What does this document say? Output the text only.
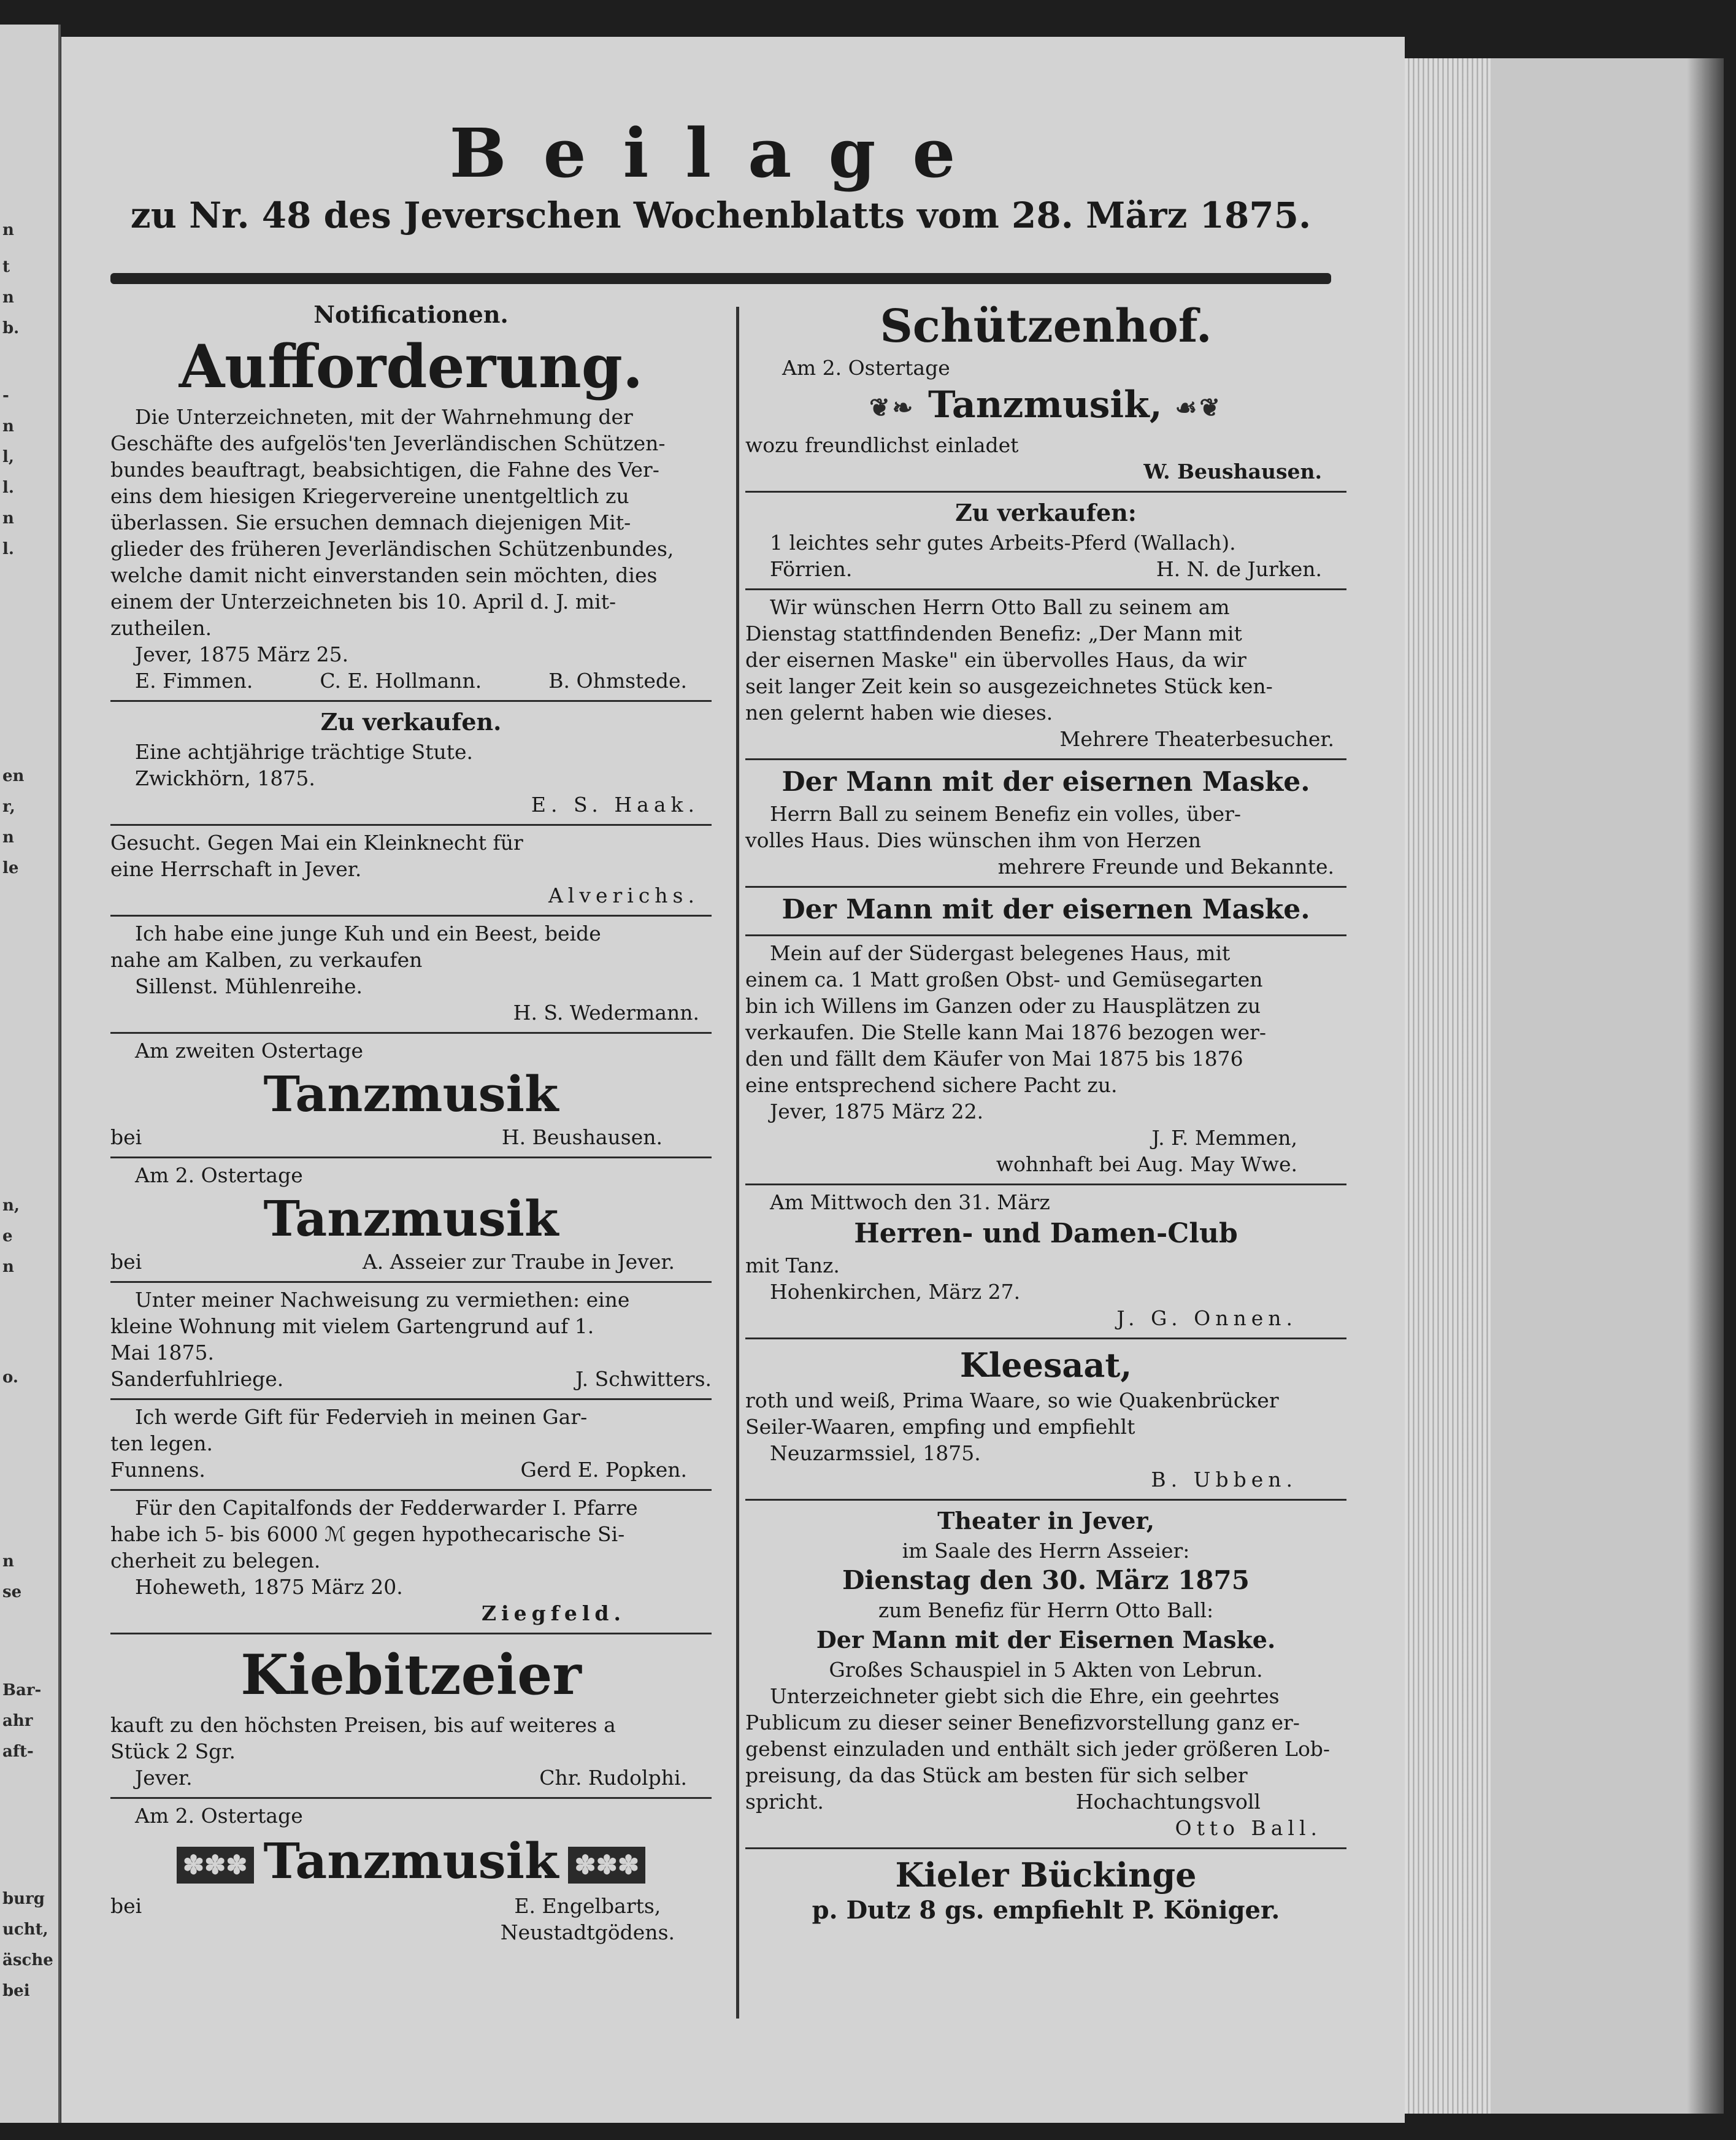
n
t
n
b.
-
n
l,
l.
n
l.
en
r,
n
le
n,
e
n
o.
n
se
Bar-
ahr
aft-
burg
ucht,
äsche
bei
Beilage
zu Nr. 48 des Jeverschen Wochenblatts vom 28. März 1875.

Notificationen.

Aufforderung.

Die Unterzeichneten, mit der Wahrnehmung der

Geschäfte des aufgelös'ten Jeverländischen Schützen-

bundes beauftragt, beabsichtigen, die Fahne des Ver-

eins dem hiesigen Kriegervereine unentgeltlich zu

überlassen. Sie ersuchen demnach diejenigen Mit-

glieder des früheren Jeverländischen Schützenbundes,

welche damit nicht einverstanden sein möchten, dies

einem der Unterzeichneten bis 10. April d. J. mit-

zutheilen.

Jever, 1875 März 25.

E. Fimmen.	C. E. Hollmann.	B. Ohmstede.

Zu verkaufen.

Eine achtjährige trächtige Stute.

Zwickhörn, 1875.

E. S. Haak.

Gesucht. Gegen Mai ein Kleinknecht für

eine Herrschaft in Jever.

Alverichs.

Ich habe eine junge Kuh und ein Beest, beide

nahe am Kalben, zu verkaufen

Sillenst. Mühlenreihe.

H. S. Wedermann.

Am zweiten Ostertage

Tanzmusik

bei	H. Beushausen.

Am 2. Ostertage

Tanzmusik

bei	A. Asseier zur Traube in Jever.

Unter meiner Nachweisung zu vermiethen: eine

kleine Wohnung mit vielem Gartengrund auf 1.

Mai 1875.

Sanderfuhlriege.	J. Schwitters.

Ich werde Gift für Federvieh in meinen Gar-

ten legen.

Funnens.	Gerd E. Popken.

Für den Capitalfonds der Fedderwarder I. Pfarre

habe ich 5- bis 6000 ℳ gegen hypothecarische Si-

cherheit zu belegen.

Hoheweth, 1875 März 20.

Ziegfeld.

Kiebitzeier

kauft zu den höchsten Preisen, bis auf weiteres a

Stück 2 Sgr.

Jever.	Chr. Rudolphi.

Am 2. Ostertage

✽✽✽ Tanzmusik ✽✽✽

bei	E. Engelbarts,
Neustadtgödens.

Schützenhof.

Am 2. Ostertage

❦❧ Tanzmusik, ☙❦

wozu freundlichst einladet

W. Beushausen.

Zu verkaufen:

1 leichtes sehr gutes Arbeits-Pferd (Wallach).

Förrien.	H. N. de Jurken.

Wir wünschen Herrn Otto Ball zu seinem am

Dienstag stattfindenden Benefiz: „Der Mann mit

der eisernen Maske" ein übervolles Haus, da wir

seit langer Zeit kein so ausgezeichnetes Stück ken-

nen gelernt haben wie dieses.

Mehrere Theaterbesucher.

Der Mann mit der eisernen Maske.

Herrn Ball zu seinem Benefiz ein volles, über-

volles Haus. Dies wünschen ihm von Herzen

mehrere Freunde und Bekannte.

Der Mann mit der eisernen Maske.

Mein auf der Südergast belegenes Haus, mit

einem ca. 1 Matt großen Obst- und Gemüsegarten

bin ich Willens im Ganzen oder zu Hausplätzen zu

verkaufen. Die Stelle kann Mai 1876 bezogen wer-

den und fällt dem Käufer von Mai 1875 bis 1876

eine entsprechend sichere Pacht zu.

Jever, 1875 März 22.

J. F. Memmen,

wohnhaft bei Aug. May Wwe.

Am Mittwoch den 31. März

Herren- und Damen-Club

mit Tanz.

Hohenkirchen, März 27.

J. G. Onnen.

Kleesaat,

roth und weiß, Prima Waare, so wie Quakenbrücker

Seiler-Waaren, empfing und empfiehlt

Neuzarmssiel, 1875.

B. Ubben.

Theater in Jever,

im Saale des Herrn Asseier:

Dienstag den 30. März 1875

zum Benefiz für Herrn Otto Ball:

Der Mann mit der Eisernen Maske.

Großes Schauspiel in 5 Akten von Lebrun.

Unterzeichneter giebt sich die Ehre, ein geehrtes

Publicum zu dieser seiner Benefizvorstellung ganz er-

gebenst einzuladen und enthält sich jeder größeren Lob-

preisung, da das Stück am besten für sich selber

spricht.	Hochachtungsvoll

Otto Ball.

Kieler Bückinge

p. Dutz 8 gs. empfiehlt P. Königer.
